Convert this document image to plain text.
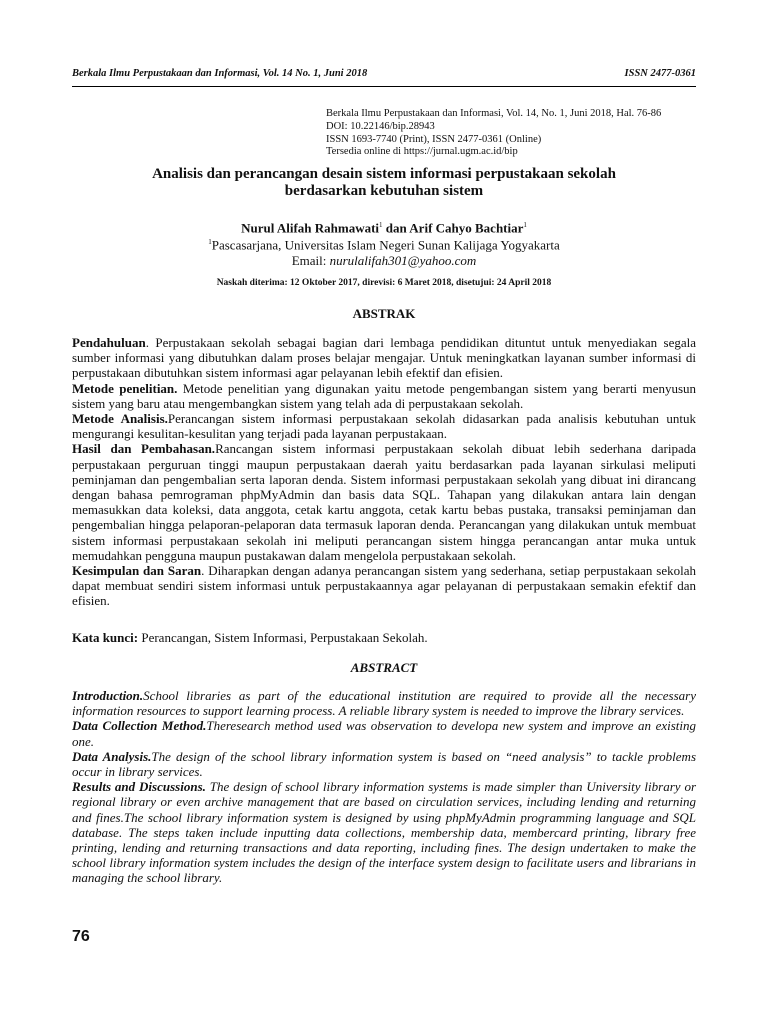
Berkala Ilmu Perpustakaan dan Informasi, Vol. 14 No. 1, Juni 2018	ISSN 2477-0361
Berkala Ilmu Perpustakaan dan Informasi, Vol. 14, No. 1, Juni 2018, Hal. 76-86
DOI: 10.22146/bip.28943
ISSN 1693-7740 (Print), ISSN 2477-0361 (Online)
Tersedia online di https://jurnal.ugm.ac.id/bip
Analisis dan perancangan desain sistem informasi perpustakaan sekolah
berdasarkan kebutuhan sistem
Nurul Alifah Rahmawati$^1$ dan Arif Cahyo Bachtiar$^1$
$^1$Pascasarjana, Universitas Islam Negeri Sunan Kalijaga Yogyakarta
Email: nurulalifah301@yahoo.com
Naskah diterima: 12 Oktober 2017, direvisi: 6 Maret 2018, disetujui: 24 April 2018
ABSTRAK

Pendahuluan. Perpustakaan sekolah sebagai bagian dari lembaga pendidikan dituntut untuk menyediakan segala sumber informasi yang dibutuhkan dalam proses belajar mengajar. Untuk meningkatkan layanan sumber informasi di perpustakaan dibutuhkan sistem informasi agar pelayanan lebih efektif dan efisien.

Metode penelitian. Metode penelitian yang digunakan yaitu metode pengembangan sistem yang berarti menyusun sistem yang baru atau mengembangkan sistem yang telah ada di perpustakaan sekolah.

Metode Analisis.Perancangan sistem informasi perpustakaan sekolah didasarkan pada analisis kebutuhan untuk mengurangi kesulitan-kesulitan yang terjadi pada layanan perpustakaan.

Hasil dan Pembahasan.Rancangan sistem informasi perpustakaan sekolah dibuat lebih sederhana daripada perpustakaan perguruan tinggi maupun perpustakaan daerah yaitu berdasarkan pada layanan sirkulasi meliputi peminjaman dan pengembalian serta laporan denda. Sistem informasi perpustakaan sekolah yang dibuat ini dirancang dengan bahasa pemrograman phpMyAdmin dan basis data SQL. Tahapan yang dilakukan antara lain dengan memasukkan data koleksi, data anggota, cetak kartu anggota, cetak kartu bebas pustaka, transaksi peminjaman dan pengembalian hingga pelaporan-pelaporan data termasuk laporan denda. Perancangan yang dilakukan untuk membuat sistem informasi perpustakaan sekolah ini meliputi perancangan sistem hingga perancangan antar muka untuk memudahkan pengguna maupun pustakawan dalam mengelola perpustakaan sekolah.

Kesimpulan dan Saran. Diharapkan dengan adanya perancangan sistem yang sederhana, setiap perpustakaan sekolah dapat membuat sendiri sistem informasi untuk perpustakaannya agar pelayanan di perpustakaan semakin efektif dan efisien.

Kata kunci: Perancangan, Sistem Informasi, Perpustakaan Sekolah.
ABSTRACT

Introduction.School libraries as part of the educational institution are required to provide all the necessary information resources to support learning process. A reliable library system is needed to improve the library services.

Data Collection Method.Theresearch method used was observation to developa new system and improve an existing one.

Data Analysis.The design of the school library information system is based on “need analysis” to tackle problems occur in library services.

Results and Discussions. The design of school library information systems is made simpler than University library or regional library or even archive management that are based on circulation services, including lending and returning and fines.The school library information system is designed by using phpMyAdmin programming language and SQL database. The steps taken include inputting data collections, membership data, membercard printing, library free printing, lending and returning transactions and data reporting, including fines. The design undertaken to make the school library information system includes the design of the interface system design to facilitate users and librarians in managing the school library.

76
